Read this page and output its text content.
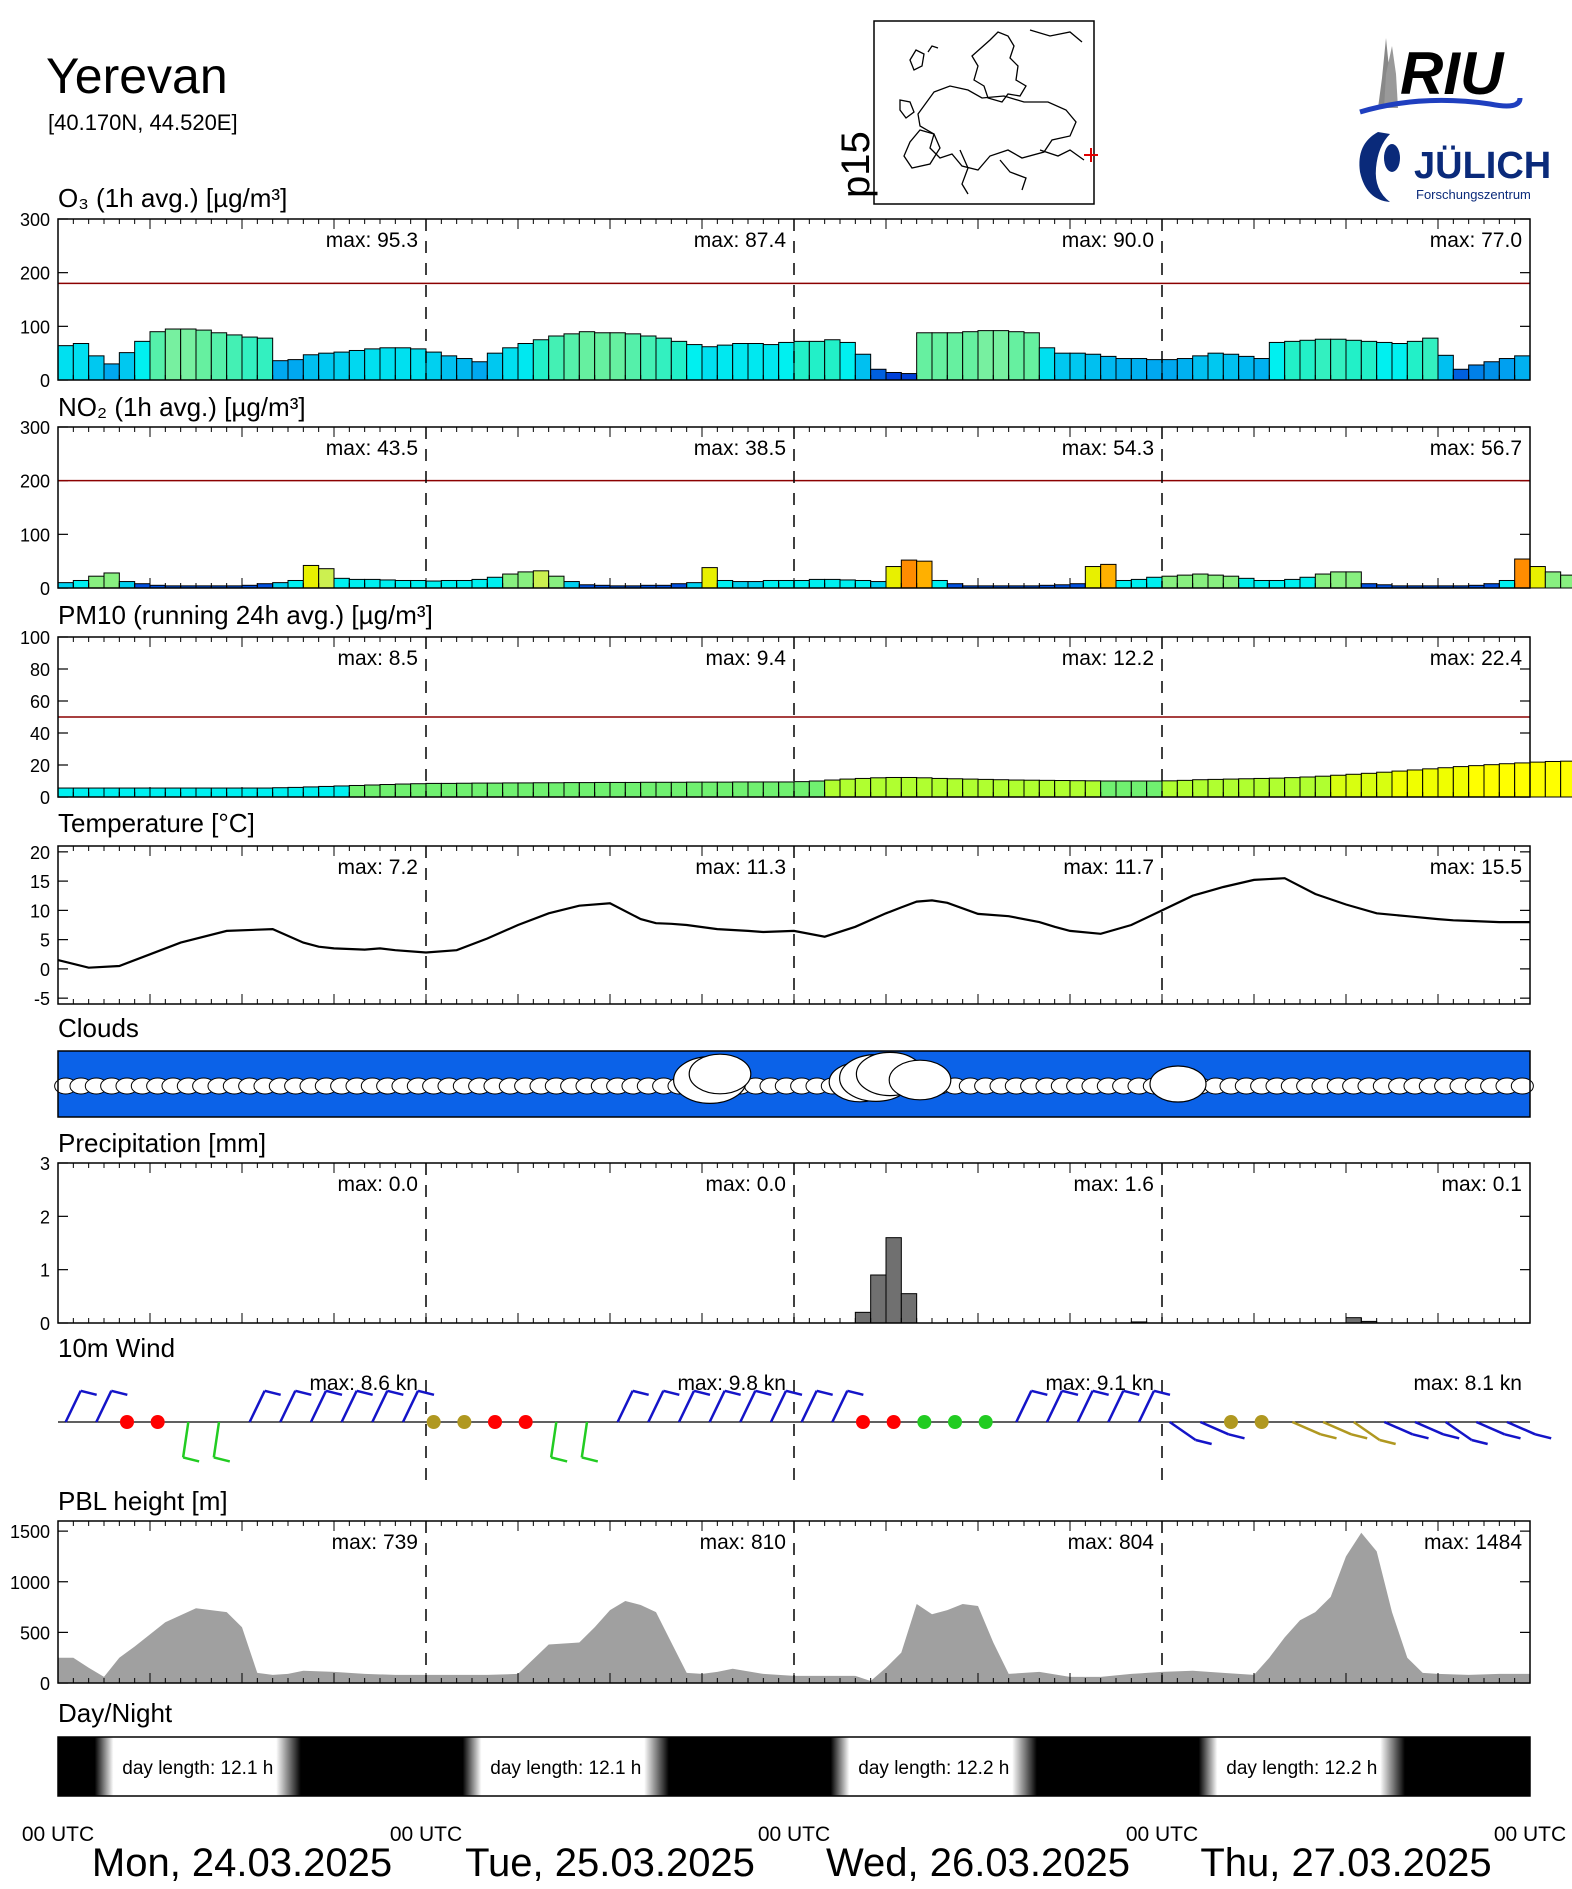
Yerevan
[40.170N, 44.520E]
p15
RIU
JÜLICH
Forschungszentrum
O₃ (1h avg.) [µg/m³]
0
100
200
300
max: 95.3	max: 87.4	max: 90.0	max: 77.0
NO₂ (1h avg.) [µg/m³]
0
100
200
300
max: 43.5	max: 38.5	max: 54.3	max: 56.7
PM10 (running 24h avg.) [µg/m³]
0
20
40
60
80
100
max: 8.5	max: 9.4	max: 12.2	max: 22.4
Temperature [°C]
-5
0
5
10
15
20
max: 7.2	max: 11.3	max: 11.7	max: 15.5
Clouds
Precipitation [mm]
0
1
2
3
max: 0.0	max: 0.0	max: 1.6	max: 0.1
10m Wind
max: 8.6 kn	max: 9.8 kn	max: 9.1 kn	max: 8.1 kn
PBL height [m]
0
500
1000
1500	max: 739	max: 810	max: 804	max: 1484
Day/Night
day length: 12.1 h	day length: 12.1 h	day length: 12.2 h	day length: 12.2 h
00 UTC	00 UTC	00 UTC	00 UTC	00 UTC
Mon, 24.03.2025 Tue, 25.03.2025 Wed, 26.03.2025 Thu, 27.03.2025
